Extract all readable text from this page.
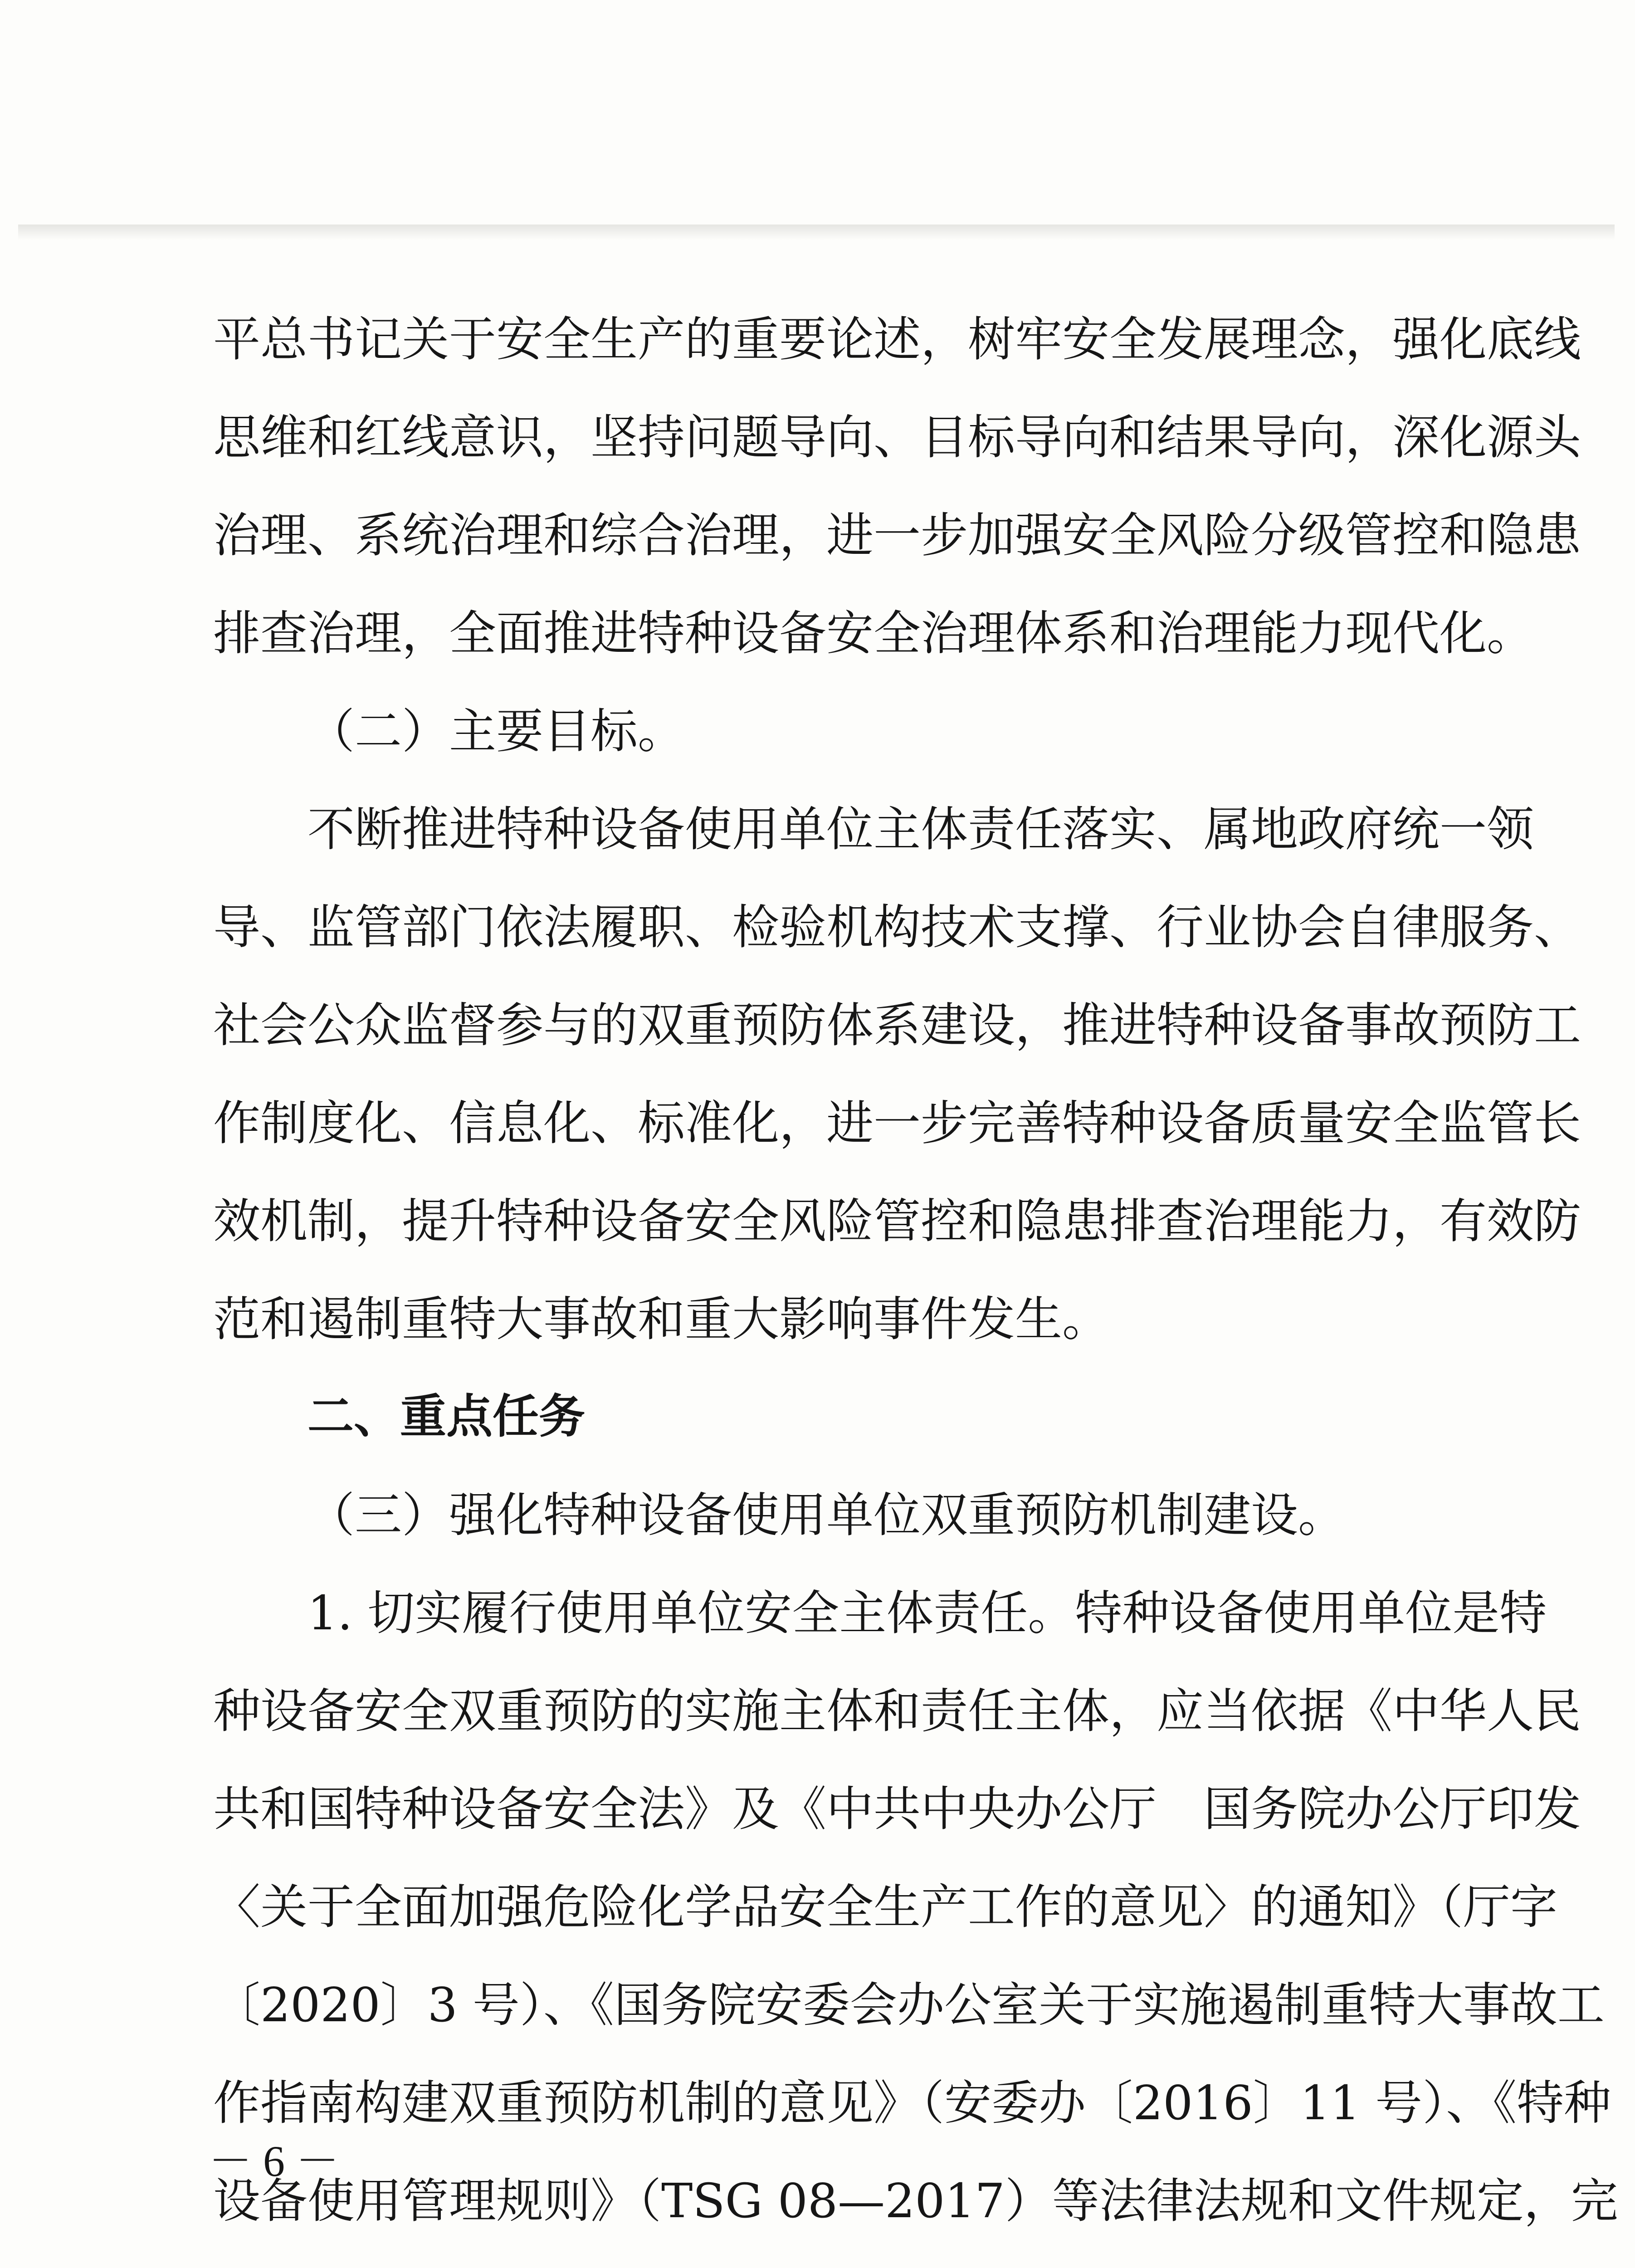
平总书记关于安全生产的重要论述，树牢安全发展理念，强化底线
思维和红线意识，坚持问题导向、目标导向和结果导向，深化源头
治理、系统治理和综合治理，进一步加强安全风险分级管控和隐患
排查治理，全面推进特种设备安全治理体系和治理能力现代化。
（二）主要目标。
不断推进特种设备使用单位主体责任落实、属地政府统一领
导、监管部门依法履职、检验机构技术支撑、行业协会自律服务、
社会公众监督参与的双重预防体系建设，推进特种设备事故预防工
作制度化、信息化、标准化，进一步完善特种设备质量安全监管长
效机制，提升特种设备安全风险管控和隐患排查治理能力，有效防
范和遏制重特大事故和重大影响事件发生。
二、重点任务
（三）强化特种设备使用单位双重预防机制建设。
1. 切实履行使用单位安全主体责任。特种设备使用单位是特
种设备安全双重预防的实施主体和责任主体，应当依据《中华人民
共和国特种设备安全法》及《中共中央办公厅　国务院办公厅印发
〈关于全面加强危险化学品安全生产工作的意见〉的通知》（厅字
〔2020〕3 号）、《国务院安委会办公室关于实施遏制重特大事故工
作指南构建双重预防机制的意见》（安委办〔2016〕11 号）、《特种
设备使用管理规则》（TSG 08—2017）等法律法规和文件规定，完
－ 6 －
